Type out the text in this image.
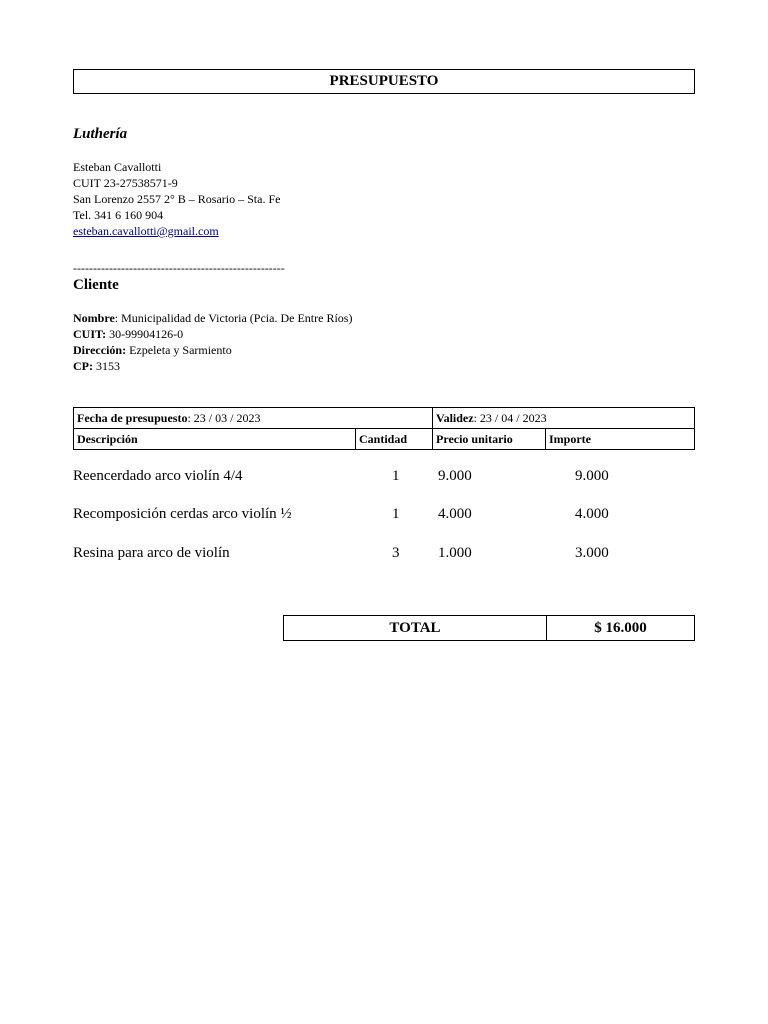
PRESUPUESTO
Luthería
Esteban Cavallotti
CUIT 23-27538571-9
San Lorenzo 2557 2° B – Rosario – Sta. Fe
Tel. 341 6 160 904
esteban.cavallotti@gmail.com
-----------------------------------------------------
Cliente
Nombre: Municipalidad de Victoria (Pcia. De Entre Ríos)
CUIT: 30-99904126-0
Dirección: Ezpeleta y Sarmiento
CP: 3153
Fecha de presupuesto: 23 / 03 / 2023		Validez: 23 / 04 / 2023	
Descripción	Cantidad	Precio unitario	Importe
Reencerdado arco violín 4/4	1	9.000	9.000
Recomposición cerdas arco violín ½	1	4.000	4.000
Resina para arco de violín	3	1.000	3.000
TOTAL	$ 16.000
